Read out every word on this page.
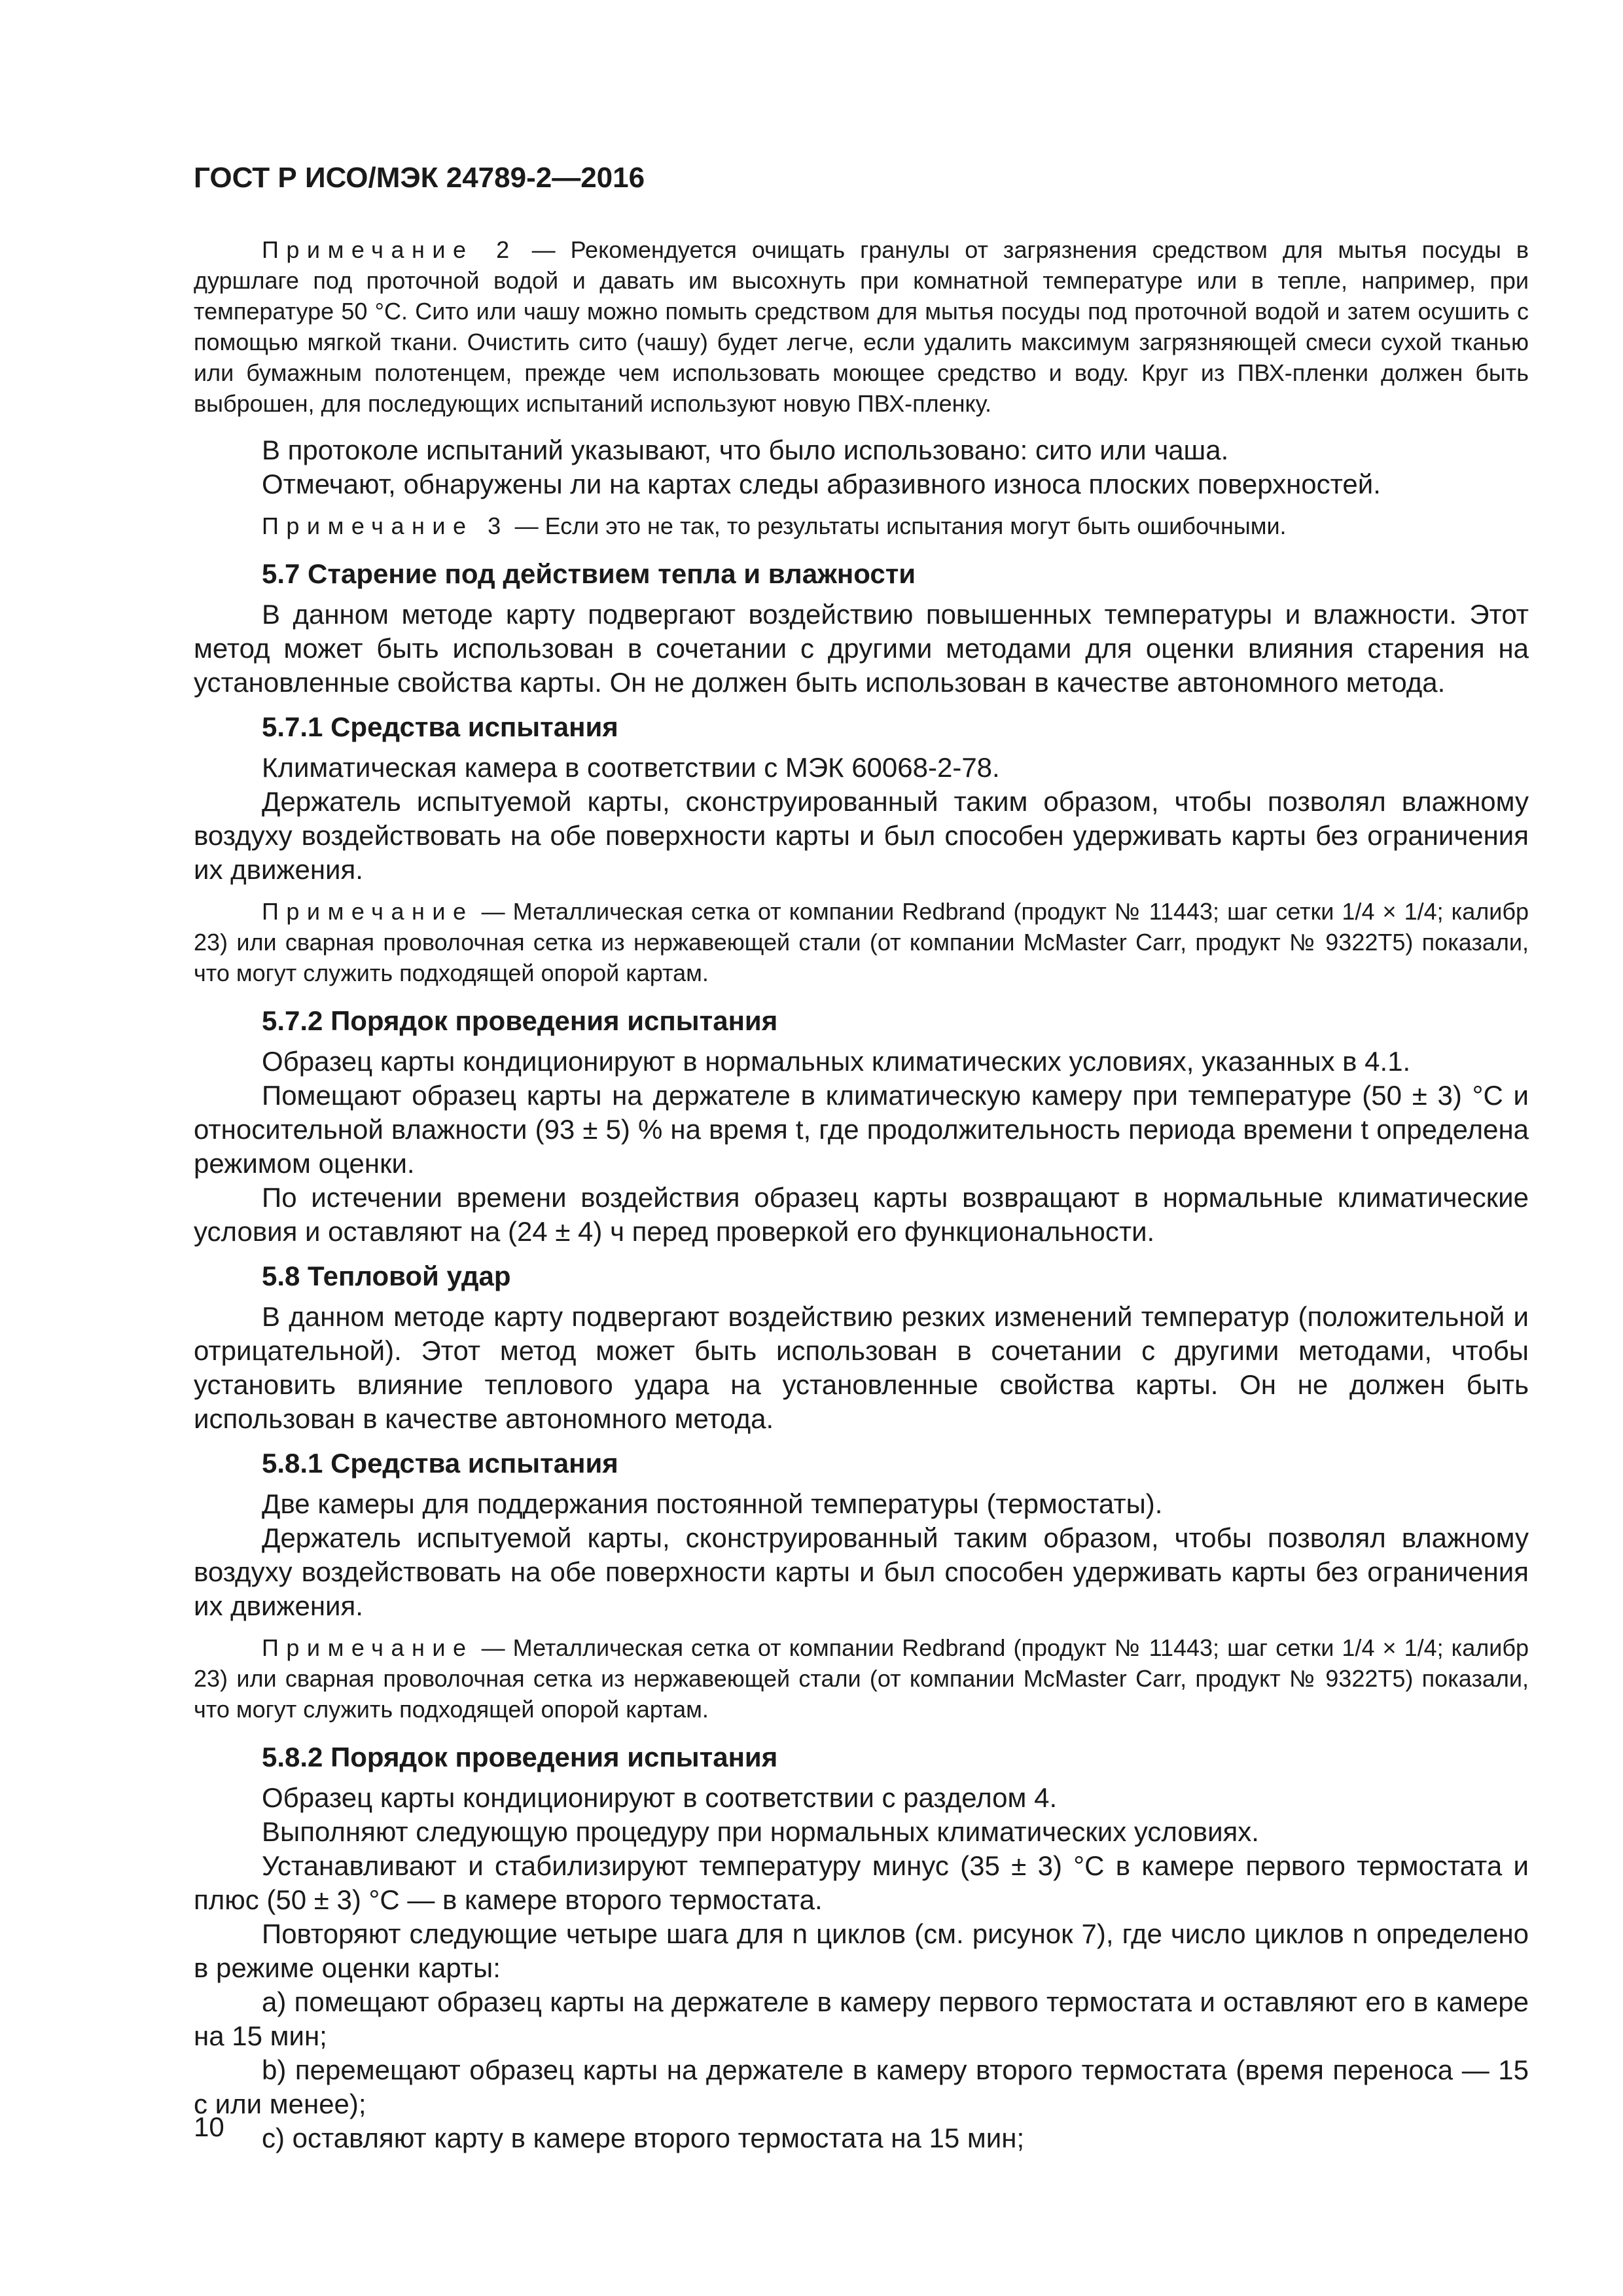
ГОСТ Р ИСО/МЭК 24789-2—2016

Примечание 2 — Рекомендуется очищать гранулы от загрязнения средством для мытья посуды в дуршлаге под проточной водой и давать им высохнуть при комнатной температуре или в тепле, например, при температуре 50 °С. Сито или чашу можно помыть средством для мытья посуды под проточной водой и затем осушить с помощью мягкой ткани. Очистить сито (чашу) будет легче, если удалить максимум загрязняющей смеси сухой тканью или бумажным полотенцем, прежде чем использовать моющее средство и воду. Круг из ПВХ-пленки должен быть выброшен, для последующих испытаний используют новую ПВХ-пленку.

В протоколе испытаний указывают, что было использовано: сито или чаша.

Отмечают, обнаружены ли на картах следы абразивного износа плоских поверхностей.

Примечание 3 — Если это не так, то результаты испытания могут быть ошибочными.

5.7 Старение под действием тепла и влажности

В данном методе карту подвергают воздействию повышенных температуры и влажности. Этот метод может быть использован в сочетании с другими методами для оценки влияния старения на установленные свойства карты. Он не должен быть использован в качестве автономного метода.

5.7.1 Средства испытания

Климатическая камера в соответствии с МЭК 60068-2-78.

Держатель испытуемой карты, сконструированный таким образом, чтобы позволял влажному воздуху воздействовать на обе поверхности карты и был способен удерживать карты без ограничения их движения.

Примечание — Металлическая сетка от компании Redbrand (продукт № 11443; шаг сетки 1/4 × 1/4; калибр 23) или сварная проволочная сетка из нержавеющей стали (от компании McMaster Carr, продукт № 9322Т5) показали, что могут служить подходящей опорой картам.

5.7.2 Порядок проведения испытания

Образец карты кондиционируют в нормальных климатических условиях, указанных в 4.1.

Помещают образец карты на держателе в климатическую камеру при температуре (50 ± 3) °С и относительной влажности (93 ± 5) % на время t, где продолжительность периода времени t определена режимом оценки.

По истечении времени воздействия образец карты возвращают в нормальные климатические условия и оставляют на (24 ± 4) ч перед проверкой его функциональности.

5.8 Тепловой удар

В данном методе карту подвергают воздействию резких изменений температур (положительной и отрицательной). Этот метод может быть использован в сочетании с другими методами, чтобы установить влияние теплового удара на установленные свойства карты. Он не должен быть использован в качестве автономного метода.

5.8.1 Средства испытания

Две камеры для поддержания постоянной температуры (термостаты).

Держатель испытуемой карты, сконструированный таким образом, чтобы позволял влажному воздуху воздействовать на обе поверхности карты и был способен удерживать карты без ограничения их движения.

Примечание — Металлическая сетка от компании Redbrand (продукт № 11443; шаг сетки 1/4 × 1/4; калибр 23) или сварная проволочная сетка из нержавеющей стали (от компании McMaster Carr, продукт № 9322Т5) показали, что могут служить подходящей опорой картам.

5.8.2 Порядок проведения испытания

Образец карты кондиционируют в соответствии с разделом 4.

Выполняют следующую процедуру при нормальных климатических условиях.

Устанавливают и стабилизируют температуру минус (35 ± 3) °С в камере первого термостата и плюс (50 ± 3) °С — в камере второго термостата.

Повторяют следующие четыре шага для n циклов (см. рисунок 7), где число циклов n определено в режиме оценки карты:

а) помещают образец карты на держателе в камеру первого термостата и оставляют его в камере на 15 мин;

b) перемещают образец карты на держателе в камеру второго термостата (время переноса — 15 с или менее);

с) оставляют карту в камере второго термостата на 15 мин;

10
